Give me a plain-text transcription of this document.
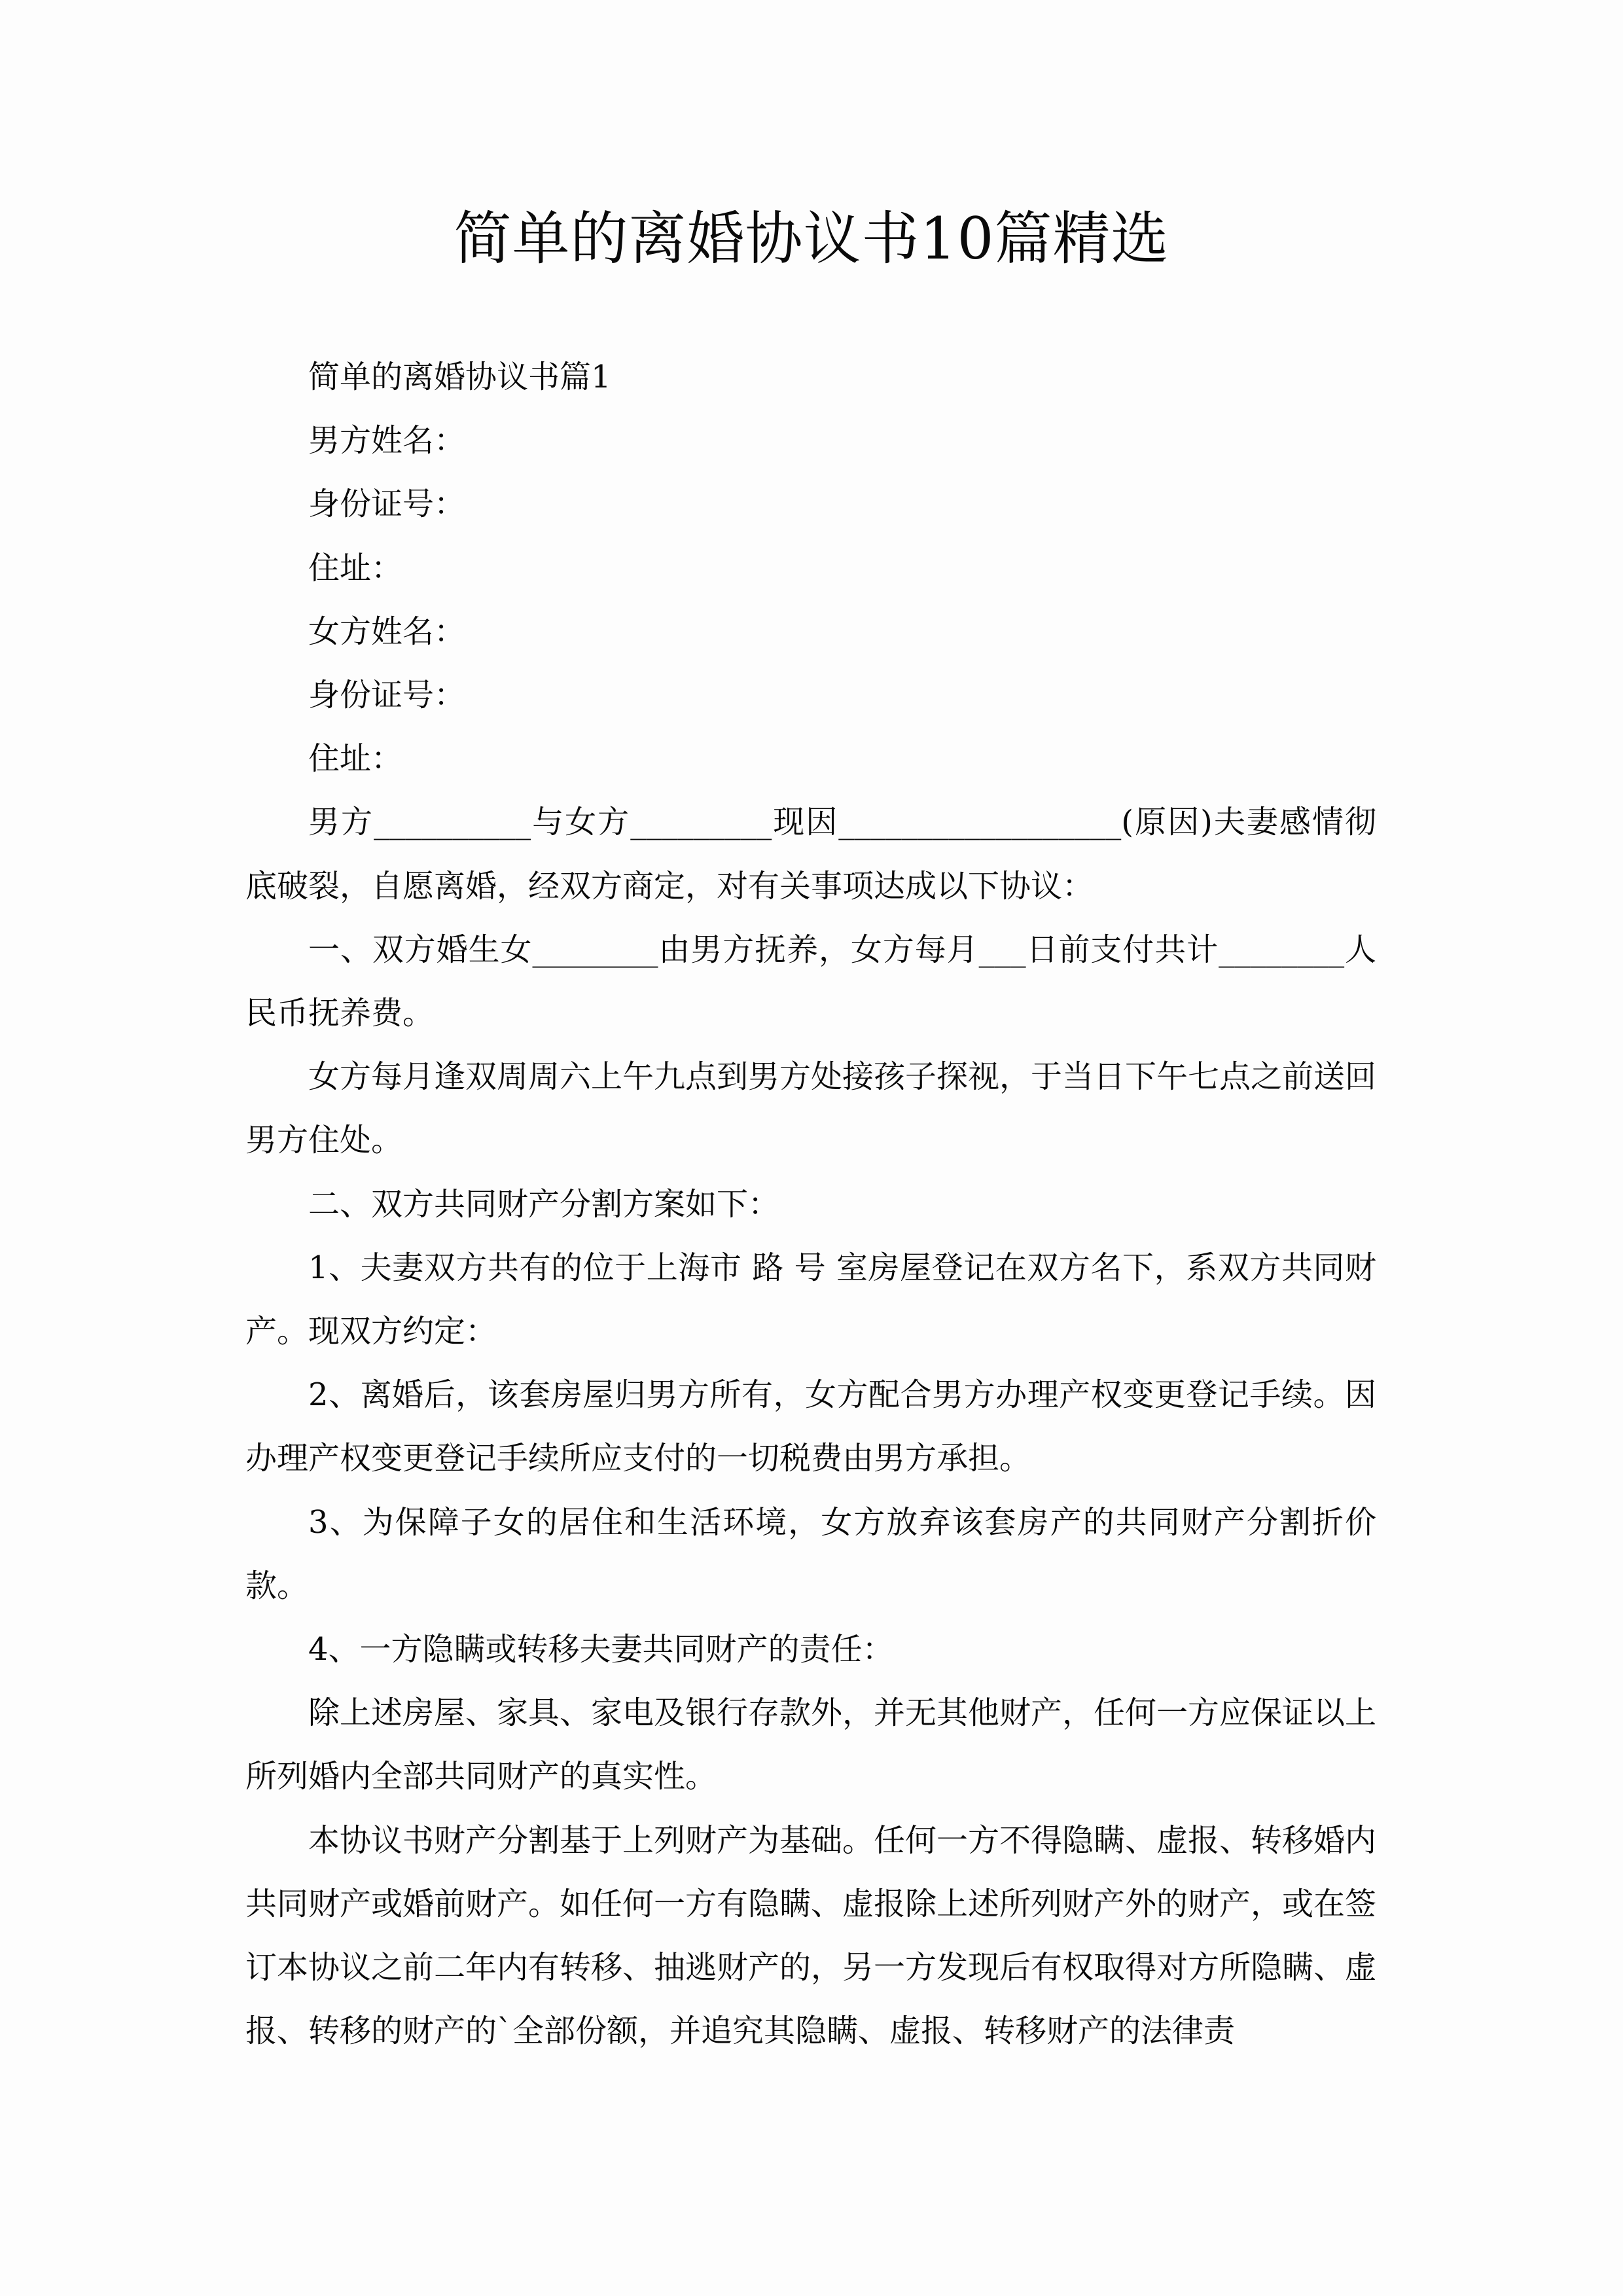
简单的离婚协议书10篇精选

简单的离婚协议书篇1

男方姓名：

身份证号：

住址：

女方姓名：

身份证号：

住址：

男方__________与女方_________现因__________________(原因)夫妻感情彻底破裂，自愿离婚，经双方商定，对有关事项达成以下协议：

一、双方婚生女________由男方抚养，女方每月___日前支付共计________人民币抚养费。

女方每月逢双周周六上午九点到男方处接孩子探视，于当日下午七点之前送回男方住处。

二、双方共同财产分割方案如下：

1、夫妻双方共有的位于上海市 路 号 室房屋登记在双方名下，系双方共同财产。现双方约定：

2、离婚后，该套房屋归男方所有，女方配合男方办理产权变更登记手续。因办理产权变更登记手续所应支付的一切税费由男方承担。

3、为保障子女的居住和生活环境，女方放弃该套房产的共同财产分割折价款。

4、一方隐瞒或转移夫妻共同财产的责任：

除上述房屋、家具、家电及银行存款外，并无其他财产，任何一方应保证以上所列婚内全部共同财产的真实性。

本协议书财产分割基于上列财产为基础。任何一方不得隐瞒、虚报、转移婚内共同财产或婚前财产。如任何一方有隐瞒、虚报除上述所列财产外的财产，或在签订本协议之前二年内有转移、抽逃财产的，另一方发现后有权取得对方所隐瞒、虚报、转移的财产的`全部份额，并追究其隐瞒、虚报、转移财产的法律责
